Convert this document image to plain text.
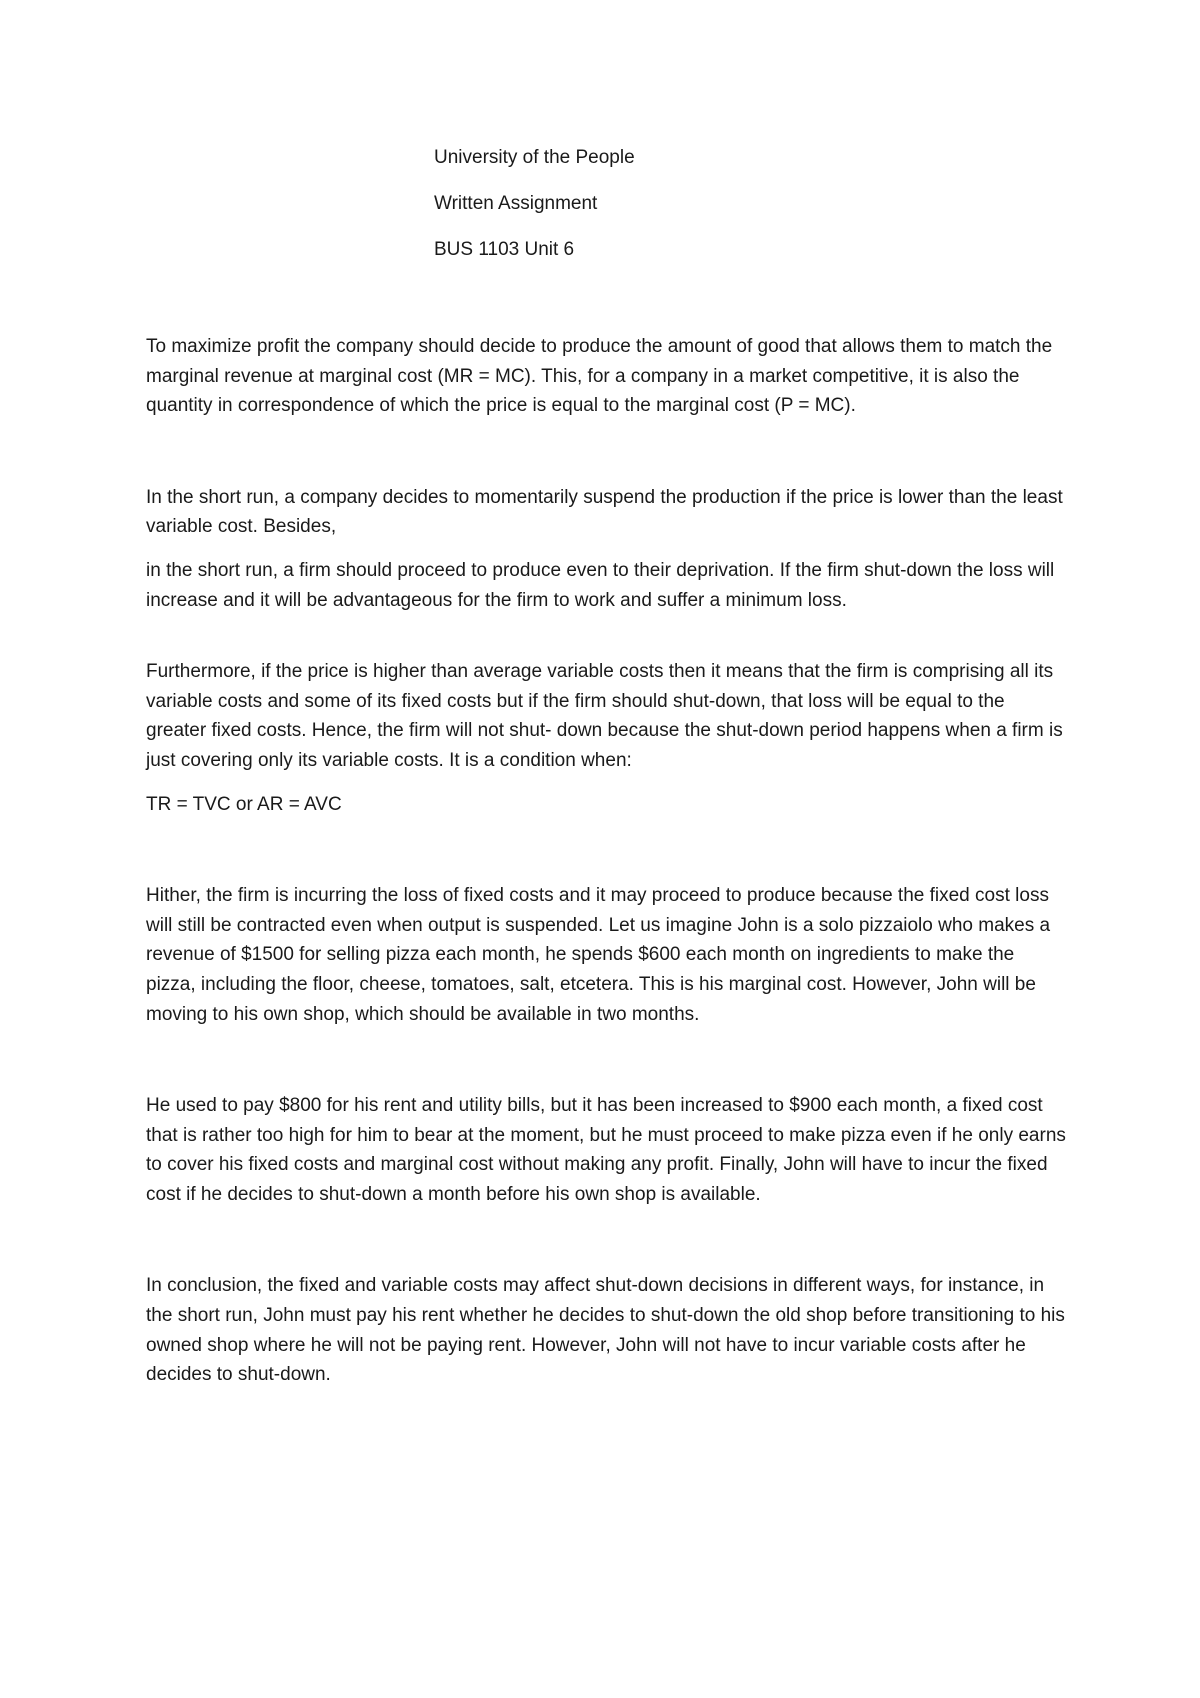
University of the People
Written Assignment
BUS 1103 Unit 6

To maximize profit the company should decide to produce the amount of good that allows them to match the marginal revenue at marginal cost (MR = MC). This, for a company in a market competitive, it is also the quantity in correspondence of which the price is equal to the marginal cost (P = MC).

In the short run, a company decides to momentarily suspend the production if the price is lower than the least variable cost. Besides,

in the short run, a firm should proceed to produce even to their deprivation. If the firm shut-down the loss will increase and it will be advantageous for the firm to work and suffer a minimum loss.

Furthermore, if the price is higher than average variable costs then it means that the firm is comprising all its variable costs and some of its fixed costs but if the firm should shut-down, that loss will be equal to the greater fixed costs. Hence, the firm will not shut- down because the shut-down period happens when a firm is just covering only its variable costs. It is a condition when:

TR = TVC or AR = AVC

Hither, the firm is incurring the loss of fixed costs and it may proceed to produce because the fixed cost loss will still be contracted even when output is suspended. Let us imagine John is a solo pizzaiolo who makes a revenue of $1500 for selling pizza each month, he spends $600 each month on ingredients to make the pizza, including the floor, cheese, tomatoes, salt, etcetera. This is his marginal cost. However, John will be moving to his own shop, which should be available in two months.

He used to pay $800 for his rent and utility bills, but it has been increased to $900 each month, a fixed cost that is rather too high for him to bear at the moment, but he must proceed to make pizza even if he only earns to cover his fixed costs and marginal cost without making any profit. Finally, John will have to incur the fixed cost if he decides to shut-down a month before his own shop is available.

In conclusion, the fixed and variable costs may affect shut-down decisions in different ways, for instance, in the short run, John must pay his rent whether he decides to shut-down the old shop before transitioning to his owned shop where he will not be paying rent. However, John will not have to incur variable costs after he decides to shut-down.
